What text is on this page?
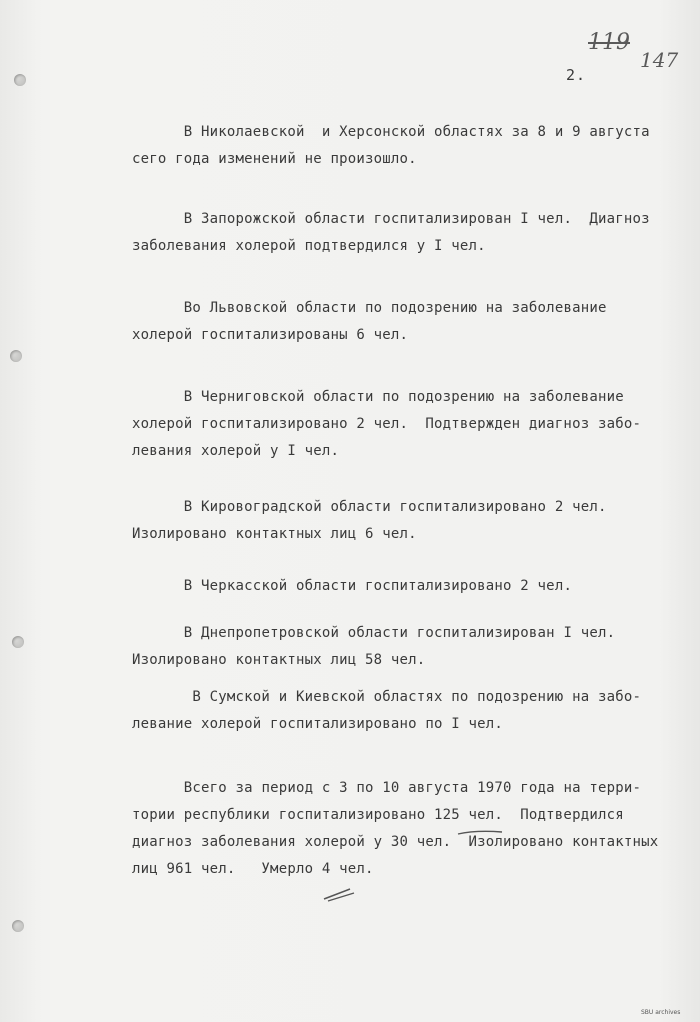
119
147
2.
В Николаевской  и Херсонской областях за 8 и 9 августа
сего года изменений не произошло.
В Запорожской области госпитализирован I чел.  Диагноз
заболевания холерой подтвердился у I чел.
Во Львовской области по подозрению на заболевание
холерой госпитализированы 6 чел.
В Черниговской области по подозрению на заболевание
холерой госпитализировано 2 чел.  Подтвержден диагноз забо-
левания холерой у I чел.
В Кировоградской области госпитализировано 2 чел.
Изолировано контактных лиц 6 чел.
В Черкасской области госпитализировано 2 чел.
В Днепропетровской области госпитализирован I чел.
Изолировано контактных лиц 58 чел.
В Сумской и Киевской областях по подозрению на забо-
левание холерой госпитализировано по I чел.
Всего за период с 3 по 10 августа 1970 года на терри-
тории республики госпитализировано 125 чел.  Подтвердился
диагноз заболевания холерой у 30 чел.  Изолировано контактных
лиц 961 чел.   Умерло 4 чел.
SBU archives
